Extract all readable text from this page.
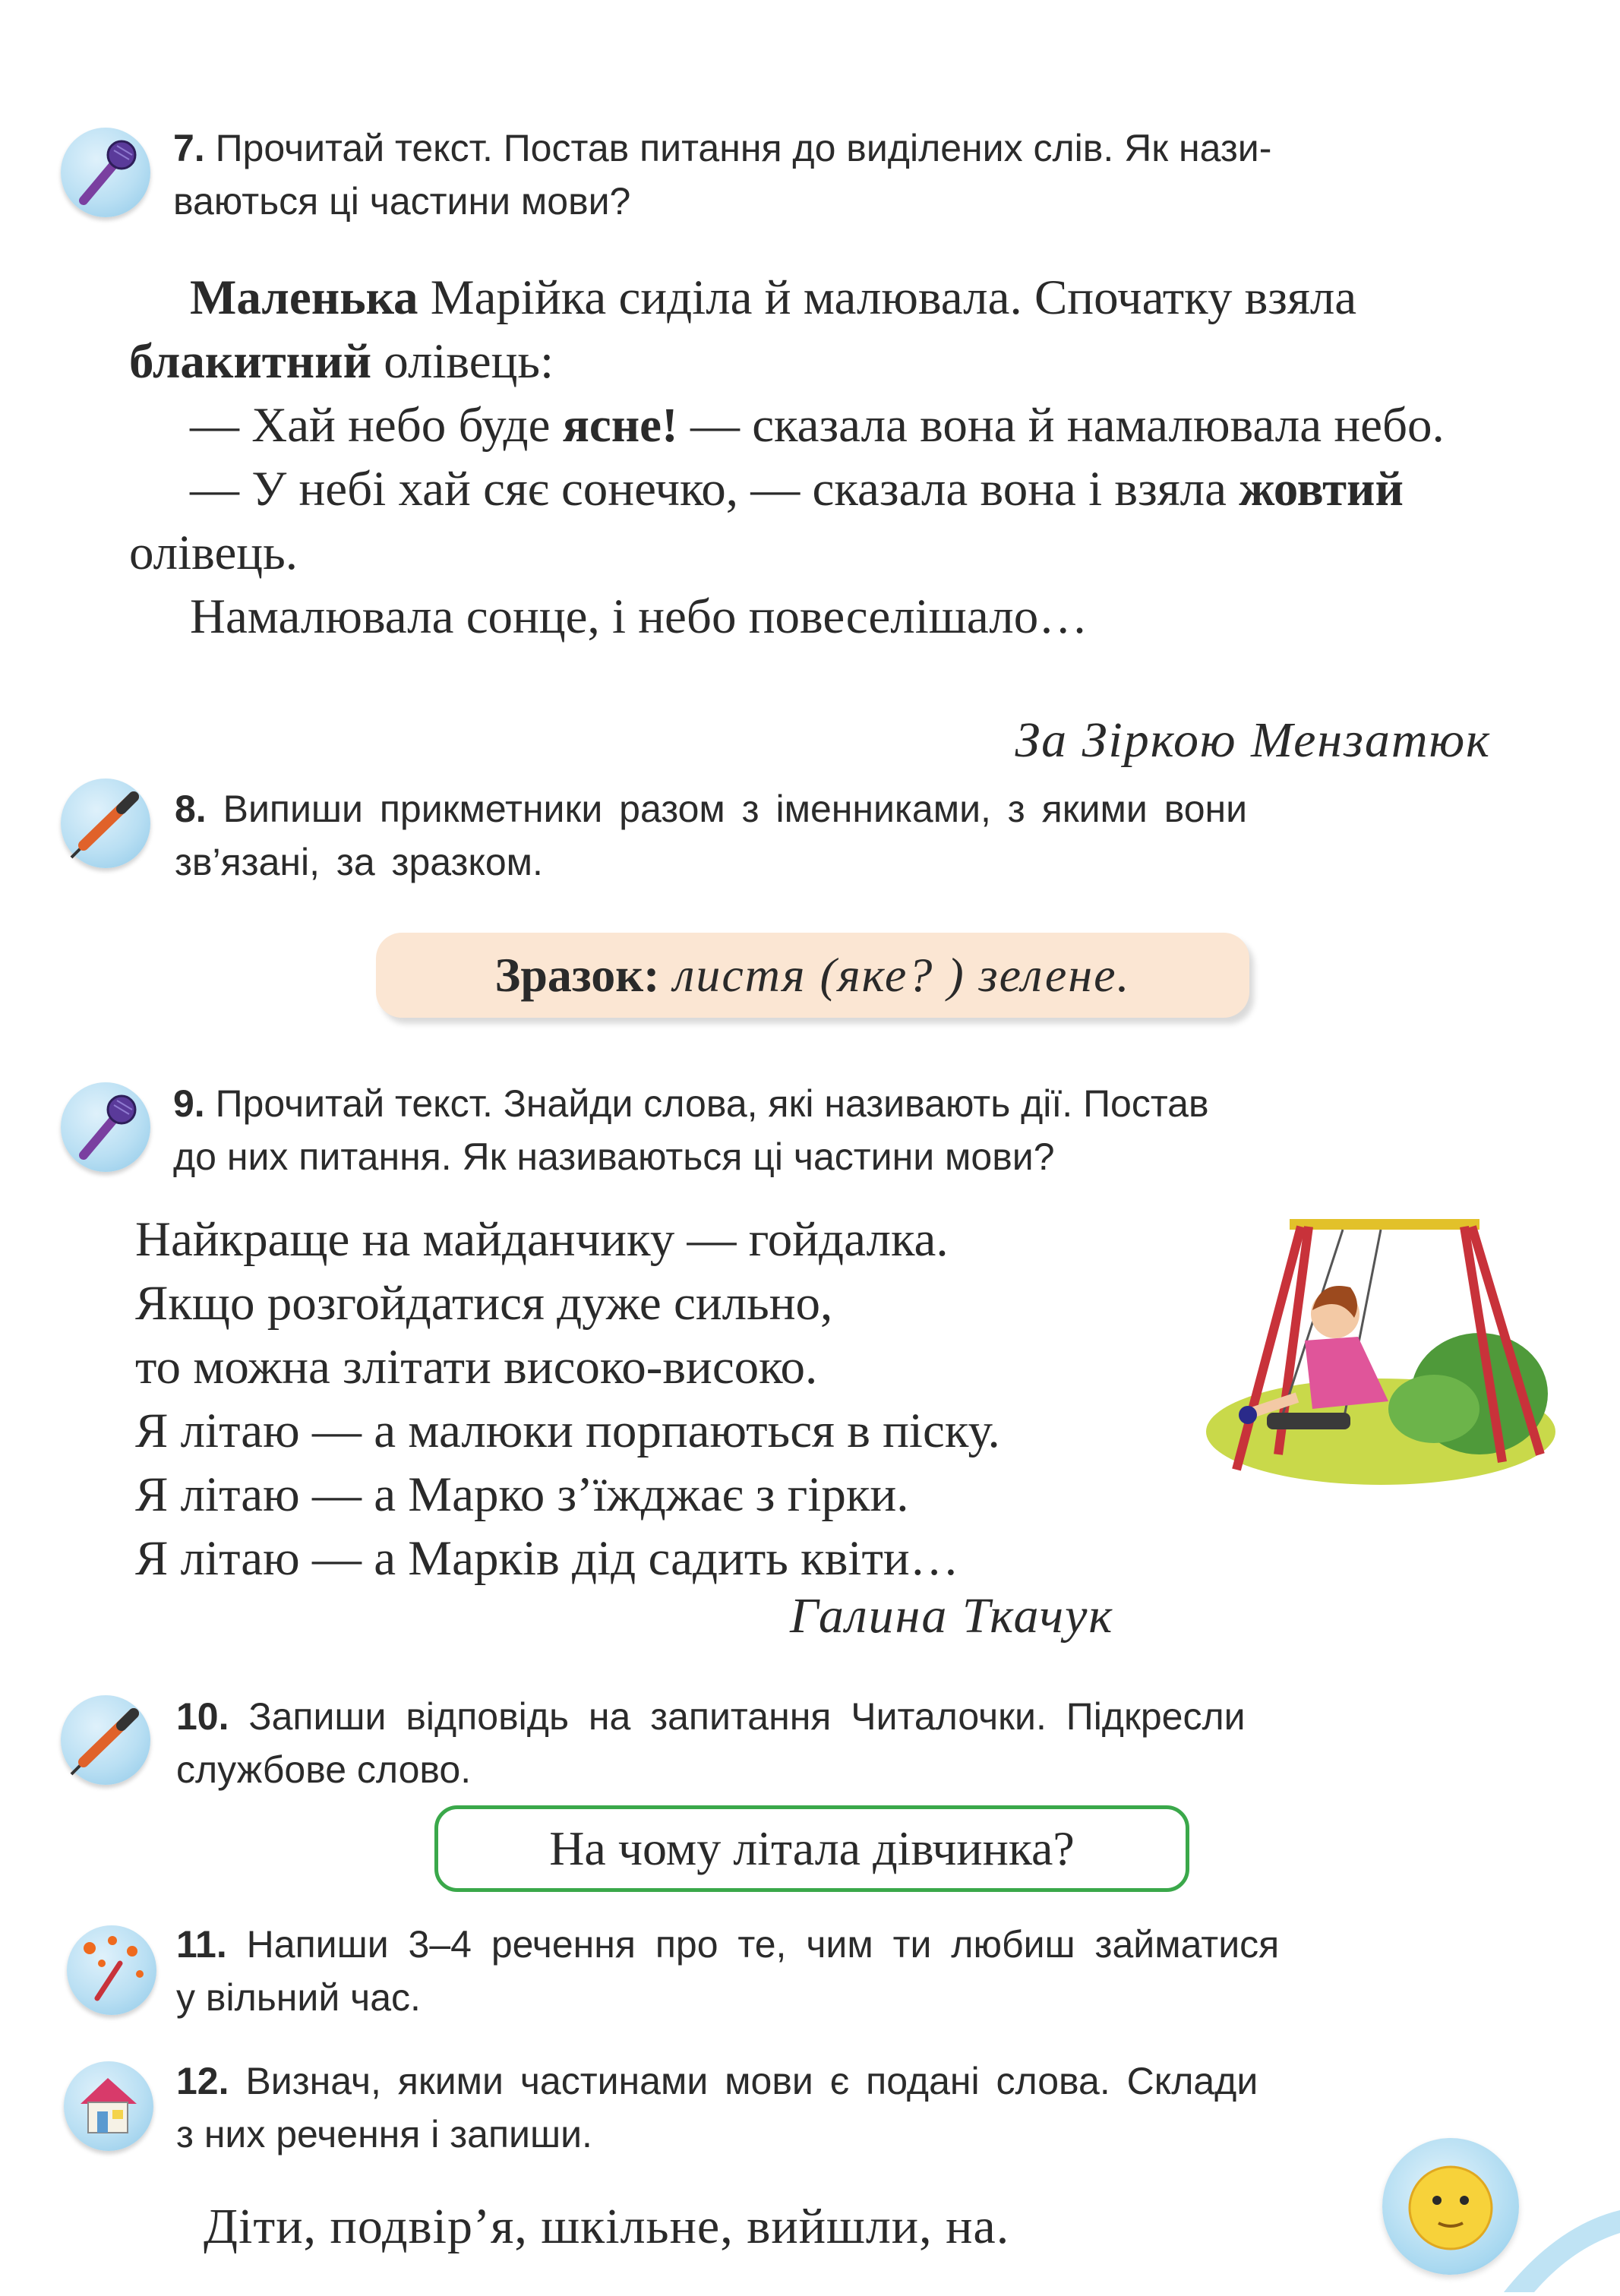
7. Прочитай текст. Постав питання до виділених слів. Як нази-
ваються ці частини мови?

Маленька Марійка сиділа й малювала. Спочатку взяла блакитний олівець:

— Хай небо буде ясне! — сказала вона й намалювала небо.

— У небі хай сяє сонечко, — сказала вона і взяла жовтий олівець.

Намалювала сонце, і небо повеселішало…

За Зіркою Мензатюк
8. Випиши прикметники разом з іменниками, з якими вони
зв’язані, за зразком.
Зразок: листя (яке? ) зелене.
9. Прочитай текст. Знайди слова, які називають дії. Постав
до них питання. Як називаються ці частини мови?
Найкраще на майданчику — гойдалка.
Якщо розгойдатися дуже сильно,
то можна злітати високо-високо.
Я літаю — а малюки порпаються в піску.
Я літаю — а Марко з’їжджає з гірки.
Я літаю — а Марків дід садить квіти…
Галина Ткачук
10. Запиши відповідь на запитання Читалочки. Підкресли
службове слово.
На чому літала дівчинка?
11. Напиши 3–4 речення про те, чим ти любиш займатися
у вільний час.
12. Визнач, якими частинами мови є подані слова. Склади
з них речення і запиши.
Діти, подвір’я, шкільне, вийшли, на.
